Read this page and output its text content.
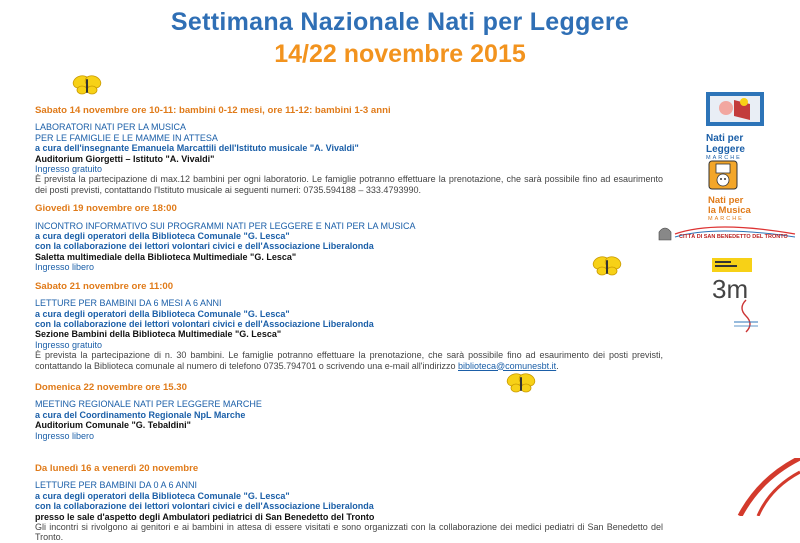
Settimana Nazionale Nati per Leggere
14/22 novembre 2015
Sabato 14 novembre ore 10-11: bambini 0-12 mesi, ore 11-12: bambini 1-3 anni
LABORATORI NATI PER LA MUSICA
PER LE FAMIGLIE E LE MAMME IN ATTESA
a cura dell'insegnante Emanuela Marcattili dell'Istituto musicale "A. Vivaldi"
Auditorium Giorgetti – Istituto "A. Vivaldi"
Ingresso gratuito
È prevista la partecipazione di max.12 bambini per ogni laboratorio. Le famiglie potranno effettuare la prenotazione, che sarà possibile fino ad esaurimento dei posti previsti, contattando l'Istituto musicale ai seguenti numeri: 0735.594188 – 333.4793990.
Giovedì 19 novembre ore 18:00
INCONTRO INFORMATIVO SUI PROGRAMMI NATI PER LEGGERE E NATI PER LA MUSICA
a cura degli operatori della Biblioteca Comunale "G. Lesca"
con la collaborazione dei lettori volontari civici e dell'Associazione Liberalonda
Saletta multimediale della Biblioteca Multimediale "G. Lesca"
Ingresso libero
Sabato 21 novembre ore 11:00
LETTURE PER BAMBINI DA 6 MESI A 6 ANNI
a cura degli operatori della Biblioteca Comunale "G. Lesca"
con la collaborazione dei lettori volontari civici e dell'Associazione Liberalonda
Sezione Bambini della Biblioteca Multimediale "G. Lesca"
Ingresso gratuito
È prevista la partecipazione di n. 30 bambini. Le famiglie potranno effettuare la prenotazione, che sarà possibile fino ad esaurimento dei posti previsti, contattando la Biblioteca comunale al numero di telefono 0735.794701 o scrivendo una e-mail all'indirizzo biblioteca@comunesbt.it.
Domenica 22 novembre ore 15.30
MEETING REGIONALE NATI PER LEGGERE MARCHE
a cura del Coordinamento Regionale NpL Marche
Auditorium Comunale "G. Tebaldini"
Ingresso libero
Da lunedì 16 a venerdì 20 novembre
LETTURE PER BAMBINI DA 0 A 6 ANNI
a cura degli operatori della Biblioteca Comunale "G. Lesca"
con la collaborazione dei lettori volontari civici e dell'Associazione Liberalonda
presso le sale d'aspetto degli Ambulatori pediatrici di San Benedetto del Tronto
Gli incontri si rivolgono ai genitori e ai bambini in attesa di essere visitati e sono organizzati con la collaborazione dei medici pediatri di San Benedetto del Tronto.
Nati per
Leggere
MARCHE
Nati per
la Musica
MARCHE
CITTÀ DI SAN BENEDETTO DEL TRONTO
3m
